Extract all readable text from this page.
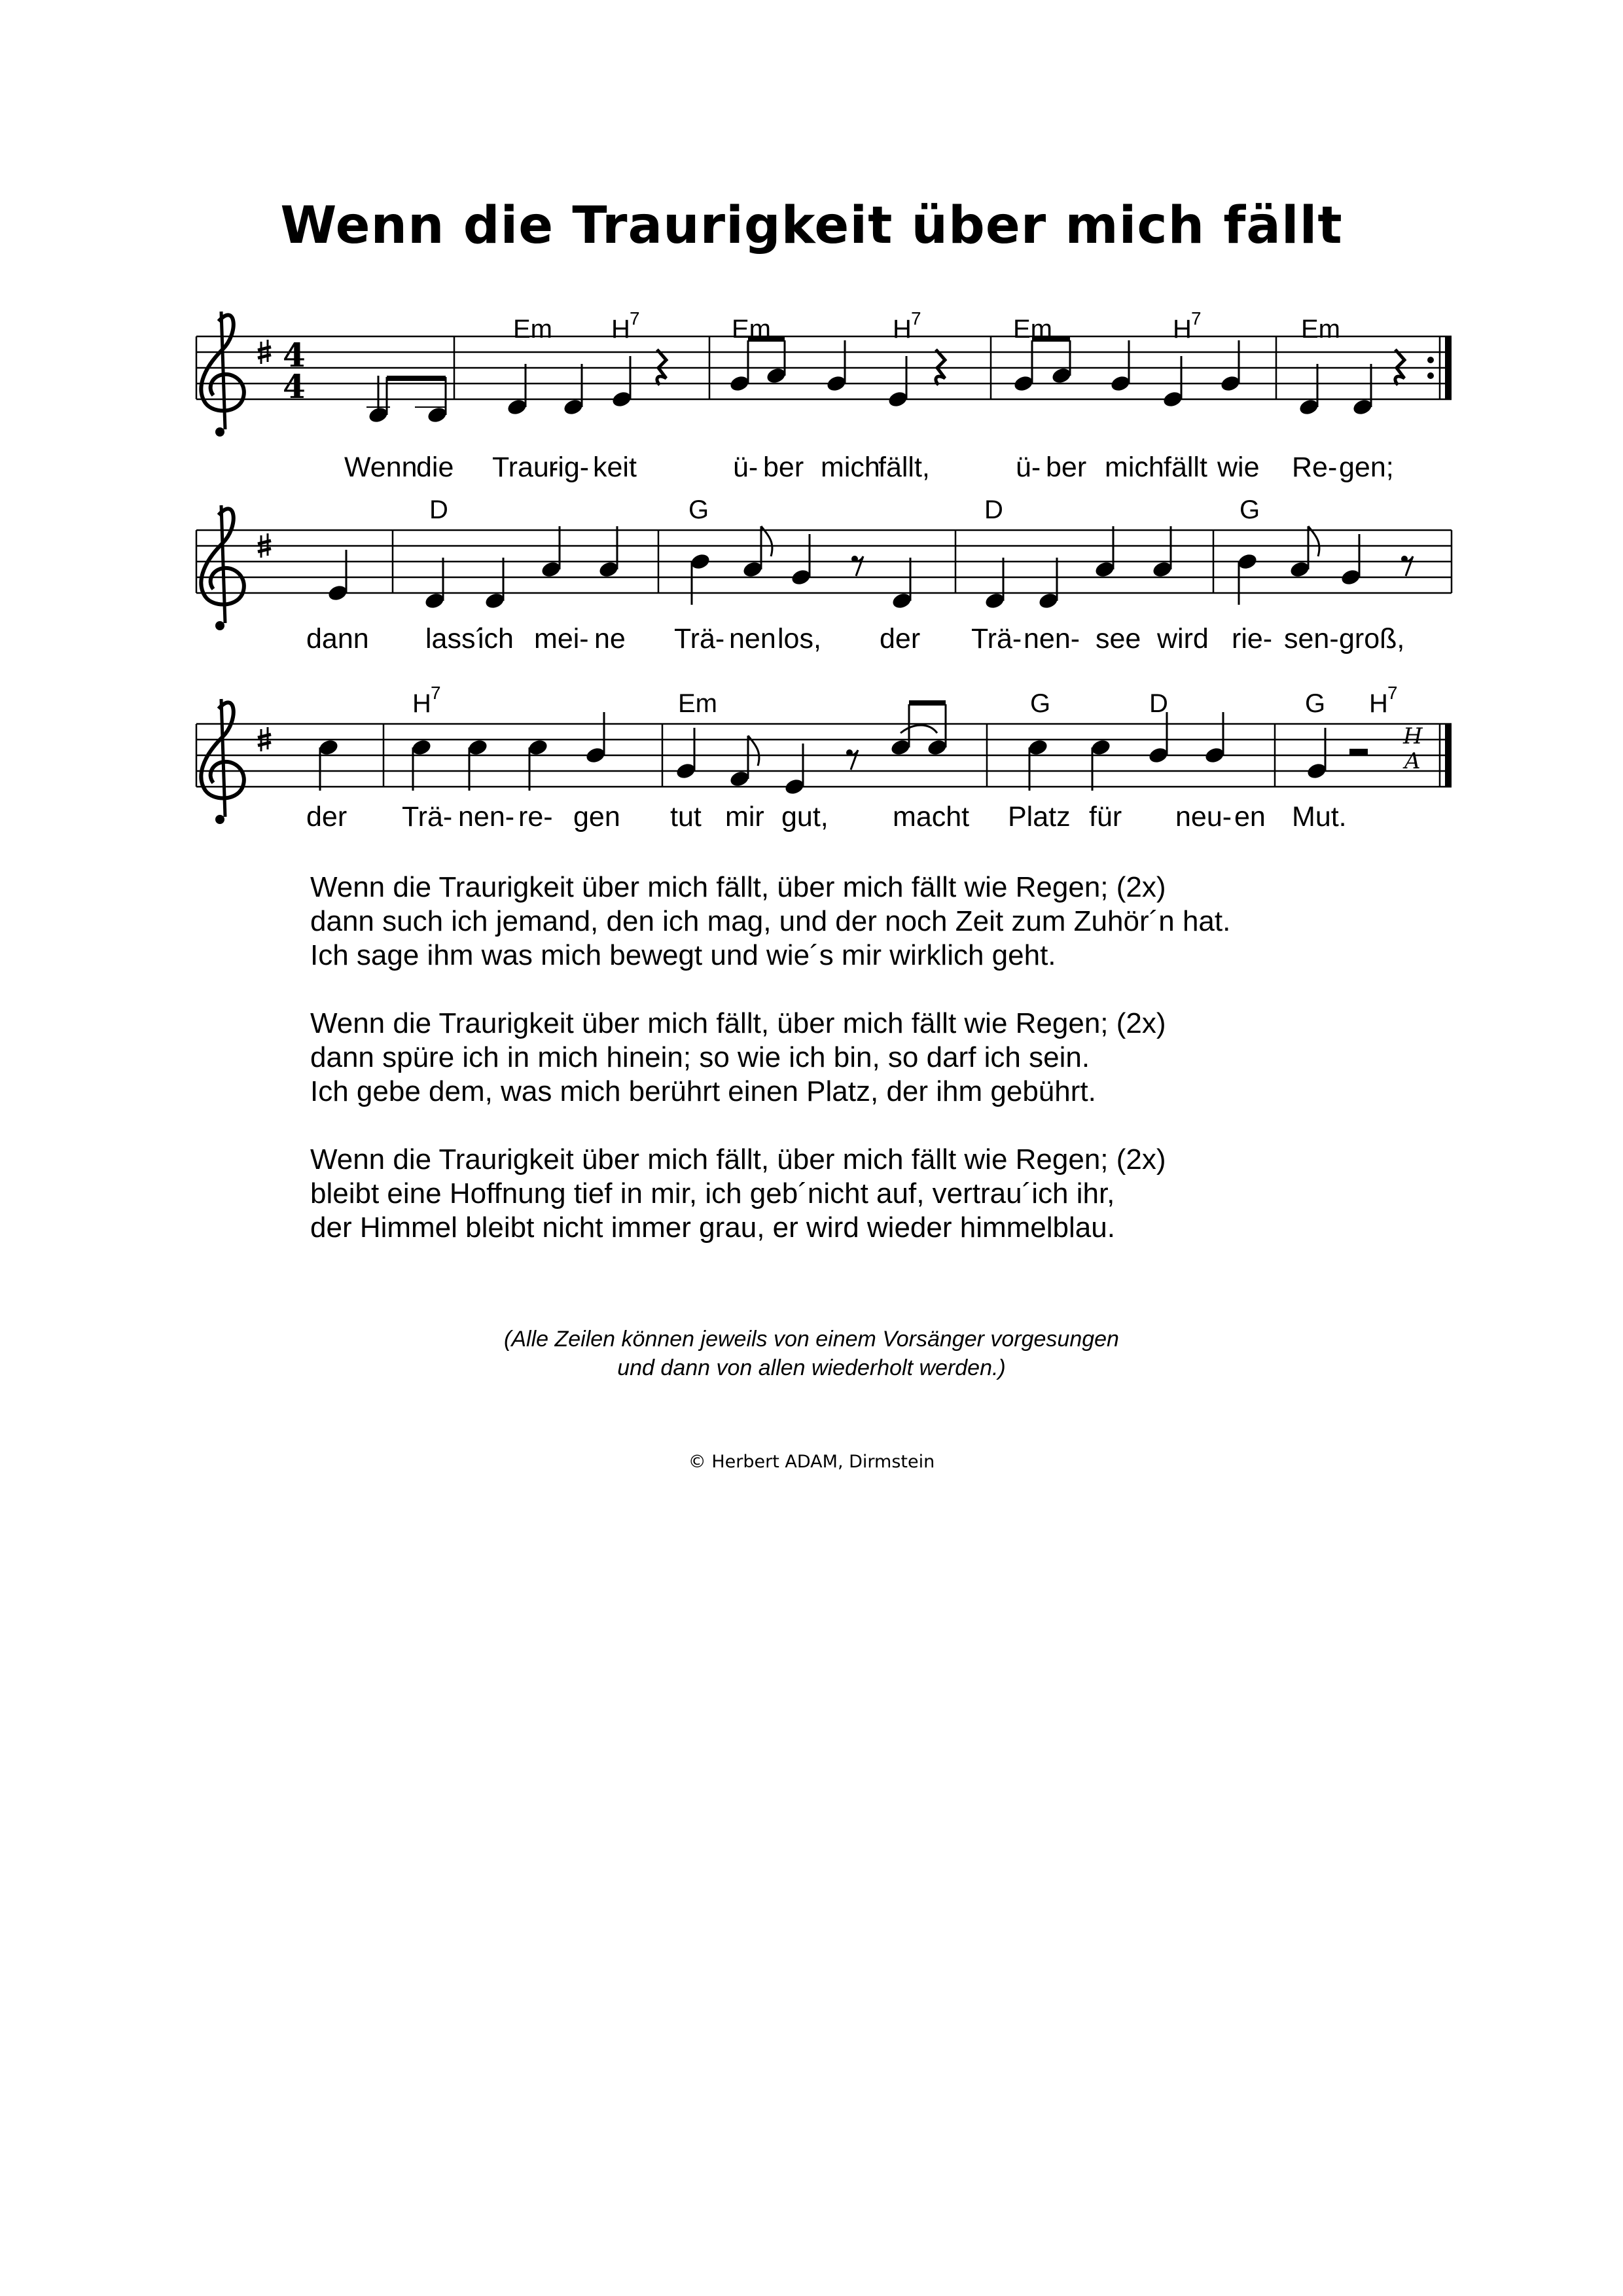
Wenn die Traurigkeit über mich fällt
4
4
Em H 7	Em	H 7	Em	H 7	Em
Wenn
die Trau-
rig- keit	ü- ber mich
fällt,	ü- ber mich fällt wie Re- gen;
D	G	D	G
dann lass´
ich mei- ne Trä- nen los, der Trä- nen- see wird rie- sen- groß,
H 7	Em	G	D	G H 7
H
A
der Trä- nen- re- gen tut mir gut, macht Platz für neu- en Mut.
Wenn die Traurigkeit über mich fällt, über mich fällt wie Regen; (2x)
dann such ich jemand, den ich mag, und der noch Zeit zum Zuhör´n hat.
Ich sage ihm was mich bewegt und wie´s mir wirklich geht.
Wenn die Traurigkeit über mich fällt, über mich fällt wie Regen; (2x)
dann spüre ich in mich hinein; so wie ich bin, so darf ich sein.
Ich gebe dem, was mich berührt einen Platz, der ihm gebührt.
Wenn die Traurigkeit über mich fällt, über mich fällt wie Regen; (2x)
bleibt eine Hoffnung tief in mir, ich geb´nicht auf, vertrau´ich ihr,
der Himmel bleibt nicht immer grau, er wird wieder himmelblau.
(Alle Zeilen können jeweils von einem Vorsänger vorgesungen
und dann von allen wiederholt werden.)
© Herbert ADAM, Dirmstein
